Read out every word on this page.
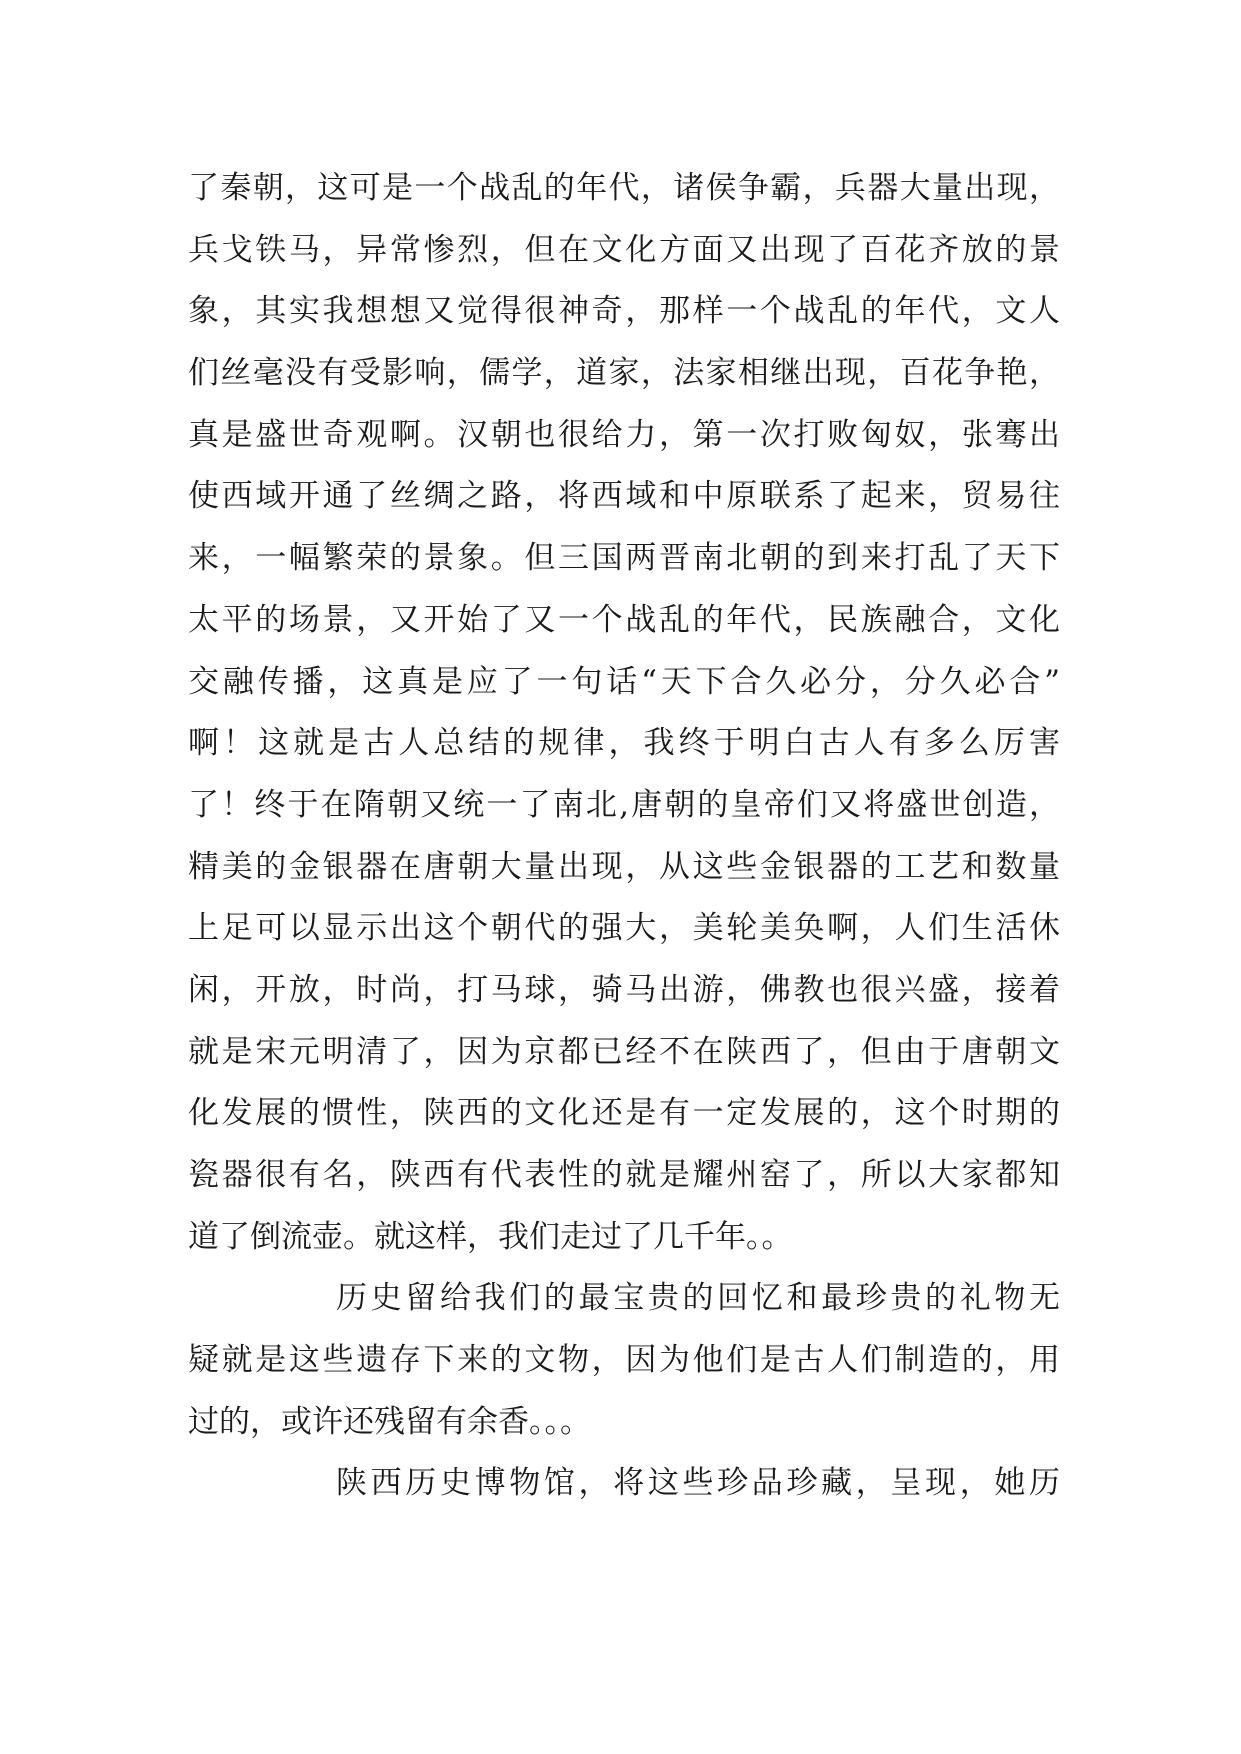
了秦朝，这可是一个战乱的年代，诸侯争霸，兵器大量出现，
兵戈铁马，异常惨烈，但在文化方面又出现了百花齐放的景
象，其实我想想又觉得很神奇，那样一个战乱的年代，文人
们丝毫没有受影响，儒学，道家，法家相继出现，百花争艳，
真是盛世奇观啊。汉朝也很给力，第一次打败匈奴，张骞出
使西域开通了丝绸之路，将西域和中原联系了起来，贸易往
来，一幅繁荣的景象。但三国两晋南北朝的到来打乱了天下
太平的场景，又开始了又一个战乱的年代，民族融合，文化
交融传播，这真是应了一句话“天下合久必分，分久必合”
啊！这就是古人总结的规律，我终于明白古人有多么厉害
了！终于在隋朝又统一了南北,唐朝的皇帝们又将盛世创造，
精美的金银器在唐朝大量出现，从这些金银器的工艺和数量
上足可以显示出这个朝代的强大，美轮美奂啊，人们生活休
闲，开放，时尚，打马球，骑马出游，佛教也很兴盛，接着
就是宋元明清了，因为京都已经不在陕西了，但由于唐朝文
化发展的惯性，陕西的文化还是有一定发展的，这个时期的
瓷器很有名，陕西有代表性的就是耀州窑了，所以大家都知
道了倒流壶。就这样，我们走过了几千年。。
历史留给我们的最宝贵的回忆和最珍贵的礼物无
疑就是这些遗存下来的文物，因为他们是古人们制造的，用
过的，或许还残留有余香。。。
陕西历史博物馆，将这些珍品珍藏，呈现，她历
